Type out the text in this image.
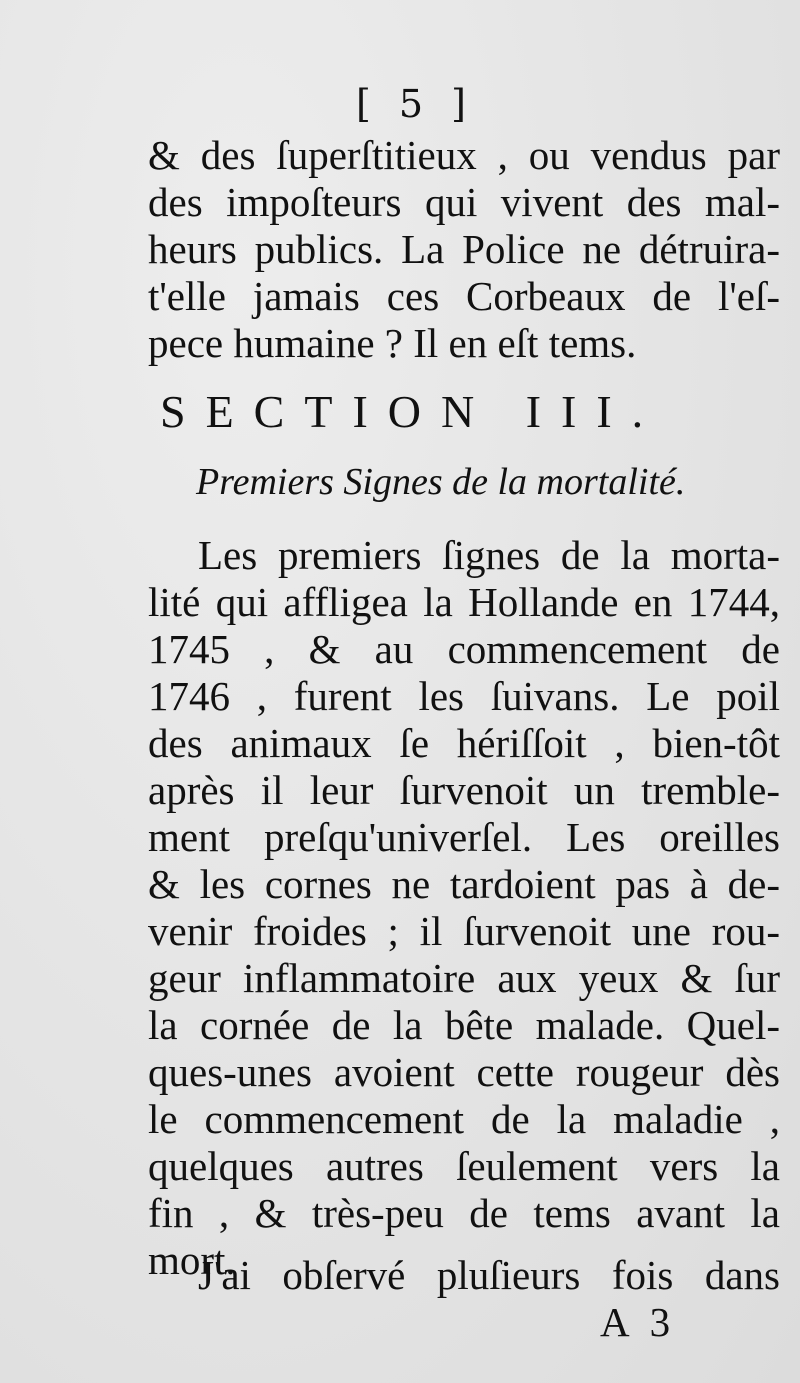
[ 5 ]
& des ſuperſtitieux , ou vendus par
des impoſteurs qui vivent des mal-
heurs publics. La Police ne détruira-
t'elle jamais ces Corbeaux de l'eſ-
pece humaine ? Il en eſt tems.
SECTION III.
Premiers Signes de la mortalité.
Les premiers ſignes de la morta-
lité qui affligea la Hollande en 1744,
1745 , & au commencement de
1746 , furent les ſuivans. Le poil
des animaux ſe hériſſoit , bien-tôt
après il leur ſurvenoit un tremble-
ment preſqu'univerſel. Les oreilles
& les cornes ne tardoient pas à de-
venir froides ; il ſurvenoit une rou-
geur inflammatoire aux yeux & ſur
la cornée de la bête malade. Quel-
ques-unes avoient cette rougeur dès
le commencement de la maladie ,
quelques autres ſeulement vers la
fin , & très-peu de tems avant la
mort.
J'ai obſervé pluſieurs fois dans
A 3
